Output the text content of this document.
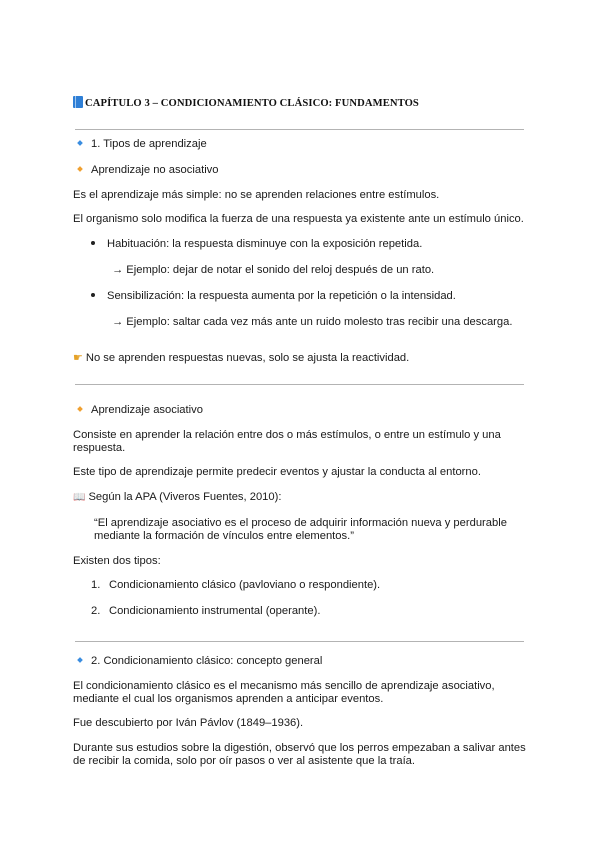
CAPÍTULO 3 – CONDICIONAMIENTO CLÁSICO: FUNDAMENTOS
1. Tipos de aprendizaje
Aprendizaje no asociativo
Es el aprendizaje más simple: no se aprenden relaciones entre estímulos.
El organismo solo modifica la fuerza de una respuesta ya existente ante un estímulo único.
Habituación: la respuesta disminuye con la exposición repetida.
→ Ejemplo: dejar de notar el sonido del reloj después de un rato.
Sensibilización: la respuesta aumenta por la repetición o la intensidad.
→ Ejemplo: saltar cada vez más ante un ruido molesto tras recibir una descarga.
☛ No se aprenden respuestas nuevas, solo se ajusta la reactividad.
Aprendizaje asociativo
Consiste en aprender la relación entre dos o más estímulos, o entre un estímulo y una
respuesta.
Este tipo de aprendizaje permite predecir eventos y ajustar la conducta al entorno.
📖 Según la APA (Viveros Fuentes, 2010):
“El aprendizaje asociativo es el proceso de adquirir información nueva y perdurable
mediante la formación de vínculos entre elementos.”
Existen dos tipos:
1. Condicionamiento clásico (pavloviano o respondiente).
2. Condicionamiento instrumental (operante).
2. Condicionamiento clásico: concepto general
El condicionamiento clásico es el mecanismo más sencillo de aprendizaje asociativo,
mediante el cual los organismos aprenden a anticipar eventos.
Fue descubierto por Iván Pávlov (1849–1936).
Durante sus estudios sobre la digestión, observó que los perros empezaban a salivar antes
de recibir la comida, solo por oír pasos o ver al asistente que la traía.
